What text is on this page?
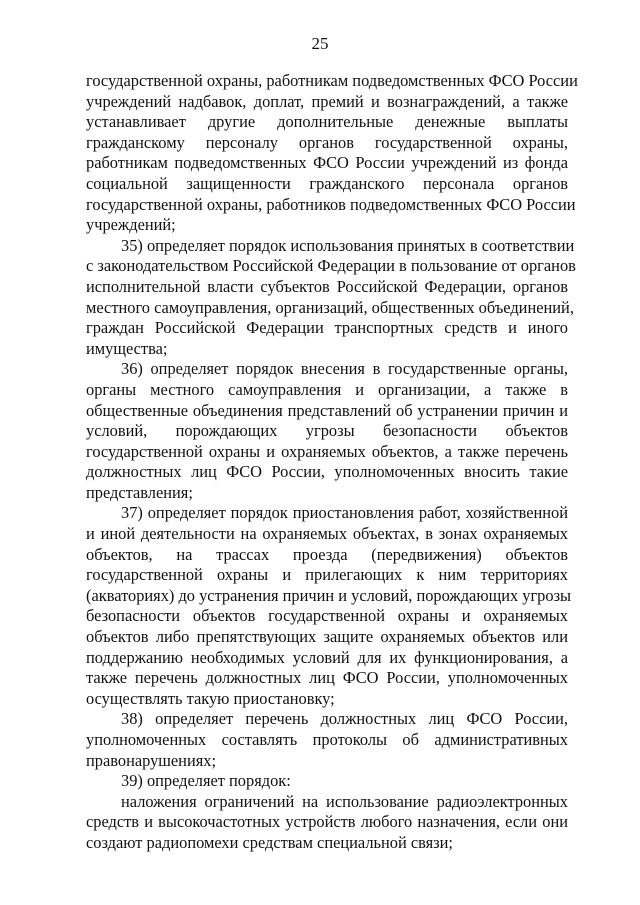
25
государственной охраны, работникам подведомственных ФСО России
учреждений надбавок, доплат, премий и вознаграждений, а также
устанавливает другие дополнительные денежные выплаты
гражданскому персоналу органов государственной охраны,
работникам подведомственных ФСО России учреждений из фонда
социальной защищенности гражданского персонала органов
государственной охраны, работников подведомственных ФСО России
учреждений;
35) определяет порядок использования принятых в соответствии
с законодательством Российской Федерации в пользование от органов
исполнительной власти субъектов Российской Федерации, органов
местного самоуправления, организаций, общественных объединений,
граждан Российской Федерации транспортных средств и иного
имущества;
36) определяет порядок внесения в государственные органы,
органы местного самоуправления и организации, а также в
общественные объединения представлений об устранении причин и
условий, порождающих угрозы безопасности объектов
государственной охраны и охраняемых объектов, а также перечень
должностных лиц ФСО России, уполномоченных вносить такие
представления;
37) определяет порядок приостановления работ, хозяйственной
и иной деятельности на охраняемых объектах, в зонах охраняемых
объектов, на трассах проезда (передвижения) объектов
государственной охраны и прилегающих к ним территориях
(акваториях) до устранения причин и условий, порождающих угрозы
безопасности объектов государственной охраны и охраняемых
объектов либо препятствующих защите охраняемых объектов или
поддержанию необходимых условий для их функционирования, а
также перечень должностных лиц ФСО России, уполномоченных
осуществлять такую приостановку;
38) определяет перечень должностных лиц ФСО России,
уполномоченных составлять протоколы об административных
правонарушениях;
39) определяет порядок:
наложения ограничений на использование радиоэлектронных
средств и высокочастотных устройств любого назначения, если они
создают радиопомехи средствам специальной связи;
